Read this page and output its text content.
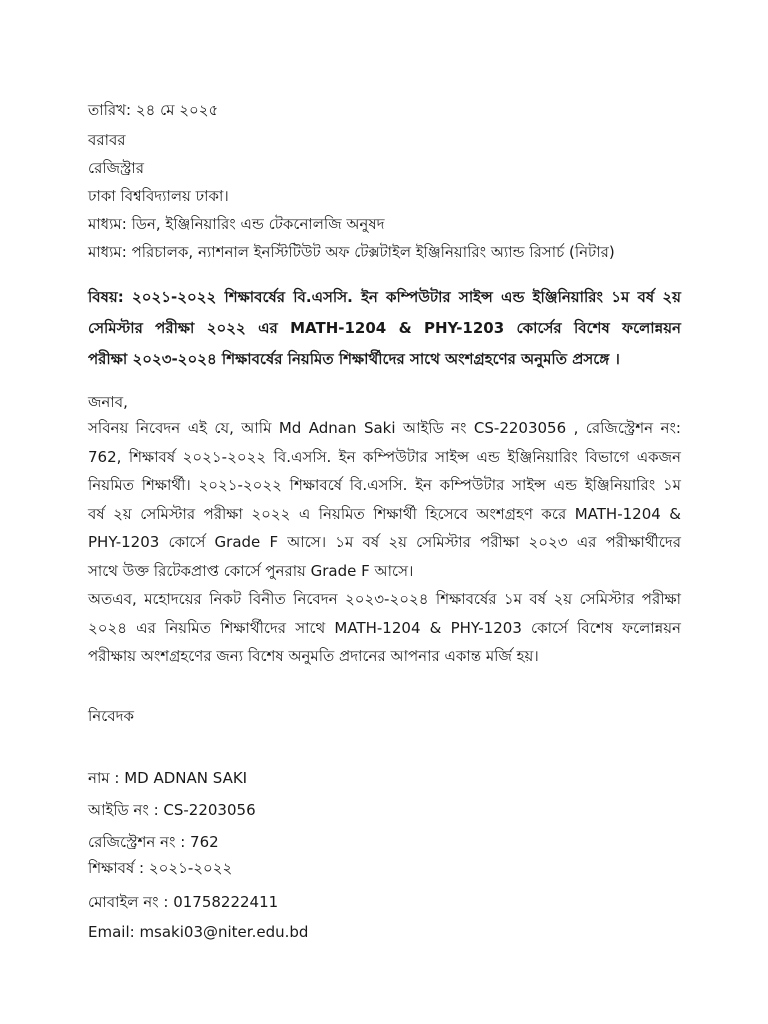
তারিখ: ২৪ মে ২০২৫
বরাবর
রেজিস্ট্রার
ঢাকা বিশ্ববিদ্যালয় ঢাকা।
মাধ্যম: ডিন, ইঞ্জিনিয়ারিং এন্ড টেকনোলজি অনুষদ
মাধ্যম: পরিচালক, ন্যাশনাল ইনস্টিটিউট অফ টেক্সটাইল ইঞ্জিনিয়ারিং অ্যান্ড রিসার্চ (নিটার)
বিষয়: ২০২১-২০২২ শিক্ষাবর্ষের বি.এসসি. ইন কম্পিউটার সাইন্স এন্ড ইঞ্জিনিয়ারিং ১ম বর্ষ ২য়
সেমিস্টার পরীক্ষা ২০২২ এর MATH-1204 & PHY-1203 কোর্সের বিশেষ ফলোন্নয়ন
পরীক্ষা ২০২৩-২০২৪ শিক্ষাবর্ষের নিয়মিত শিক্ষার্থীদের সাথে অংশগ্রহণের অনুমতি প্রসঙ্গে ।
জনাব,
সবিনয় নিবেদন এই যে, আমি Md Adnan Saki আইডি নং CS-2203056 , রেজিস্ট্রেশন নং:
762, শিক্ষাবর্ষ ২০২১-২০২২ বি.এসসি. ইন কম্পিউটার সাইন্স এন্ড ইঞ্জিনিয়ারিং বিভাগে একজন
নিয়মিত শিক্ষার্থী। ২০২১-২০২২ শিক্ষাবর্ষে বি.এসসি. ইন কম্পিউটার সাইন্স এন্ড ইঞ্জিনিয়ারিং ১ম
বর্ষ ২য় সেমিস্টার পরীক্ষা ২০২২ এ নিয়মিত শিক্ষার্থী হিসেবে অংশগ্রহণ করে MATH-1204 &
PHY-1203 কোর্সে Grade F আসে। ১ম বর্ষ ২য় সেমিস্টার পরীক্ষা ২০২৩ এর পরীক্ষার্থীদের
সাথে উক্ত রিটেকপ্রাপ্ত কোর্সে পুনরায় Grade F আসে।
অতএব, মহোদয়ের নিকট বিনীত নিবেদন ২০২৩-২০২৪ শিক্ষাবর্ষের ১ম বর্ষ ২য় সেমিস্টার পরীক্ষা
২০২৪ এর নিয়মিত শিক্ষার্থীদের সাথে MATH-1204 & PHY-1203 কোর্সে বিশেষ ফলোন্নয়ন
পরীক্ষায় অংশগ্রহণের জন্য বিশেষ অনুমতি প্রদানের আপনার একান্ত মর্জি হয়।
নিবেদক
নাম : MD ADNAN SAKI
আইডি নং : CS-2203056
রেজিস্ট্রেশন নং : 762
শিক্ষাবর্ষ : ২০২১-২০২২
মোবাইল নং : 01758222411
Email: msaki03@niter.edu.bd
